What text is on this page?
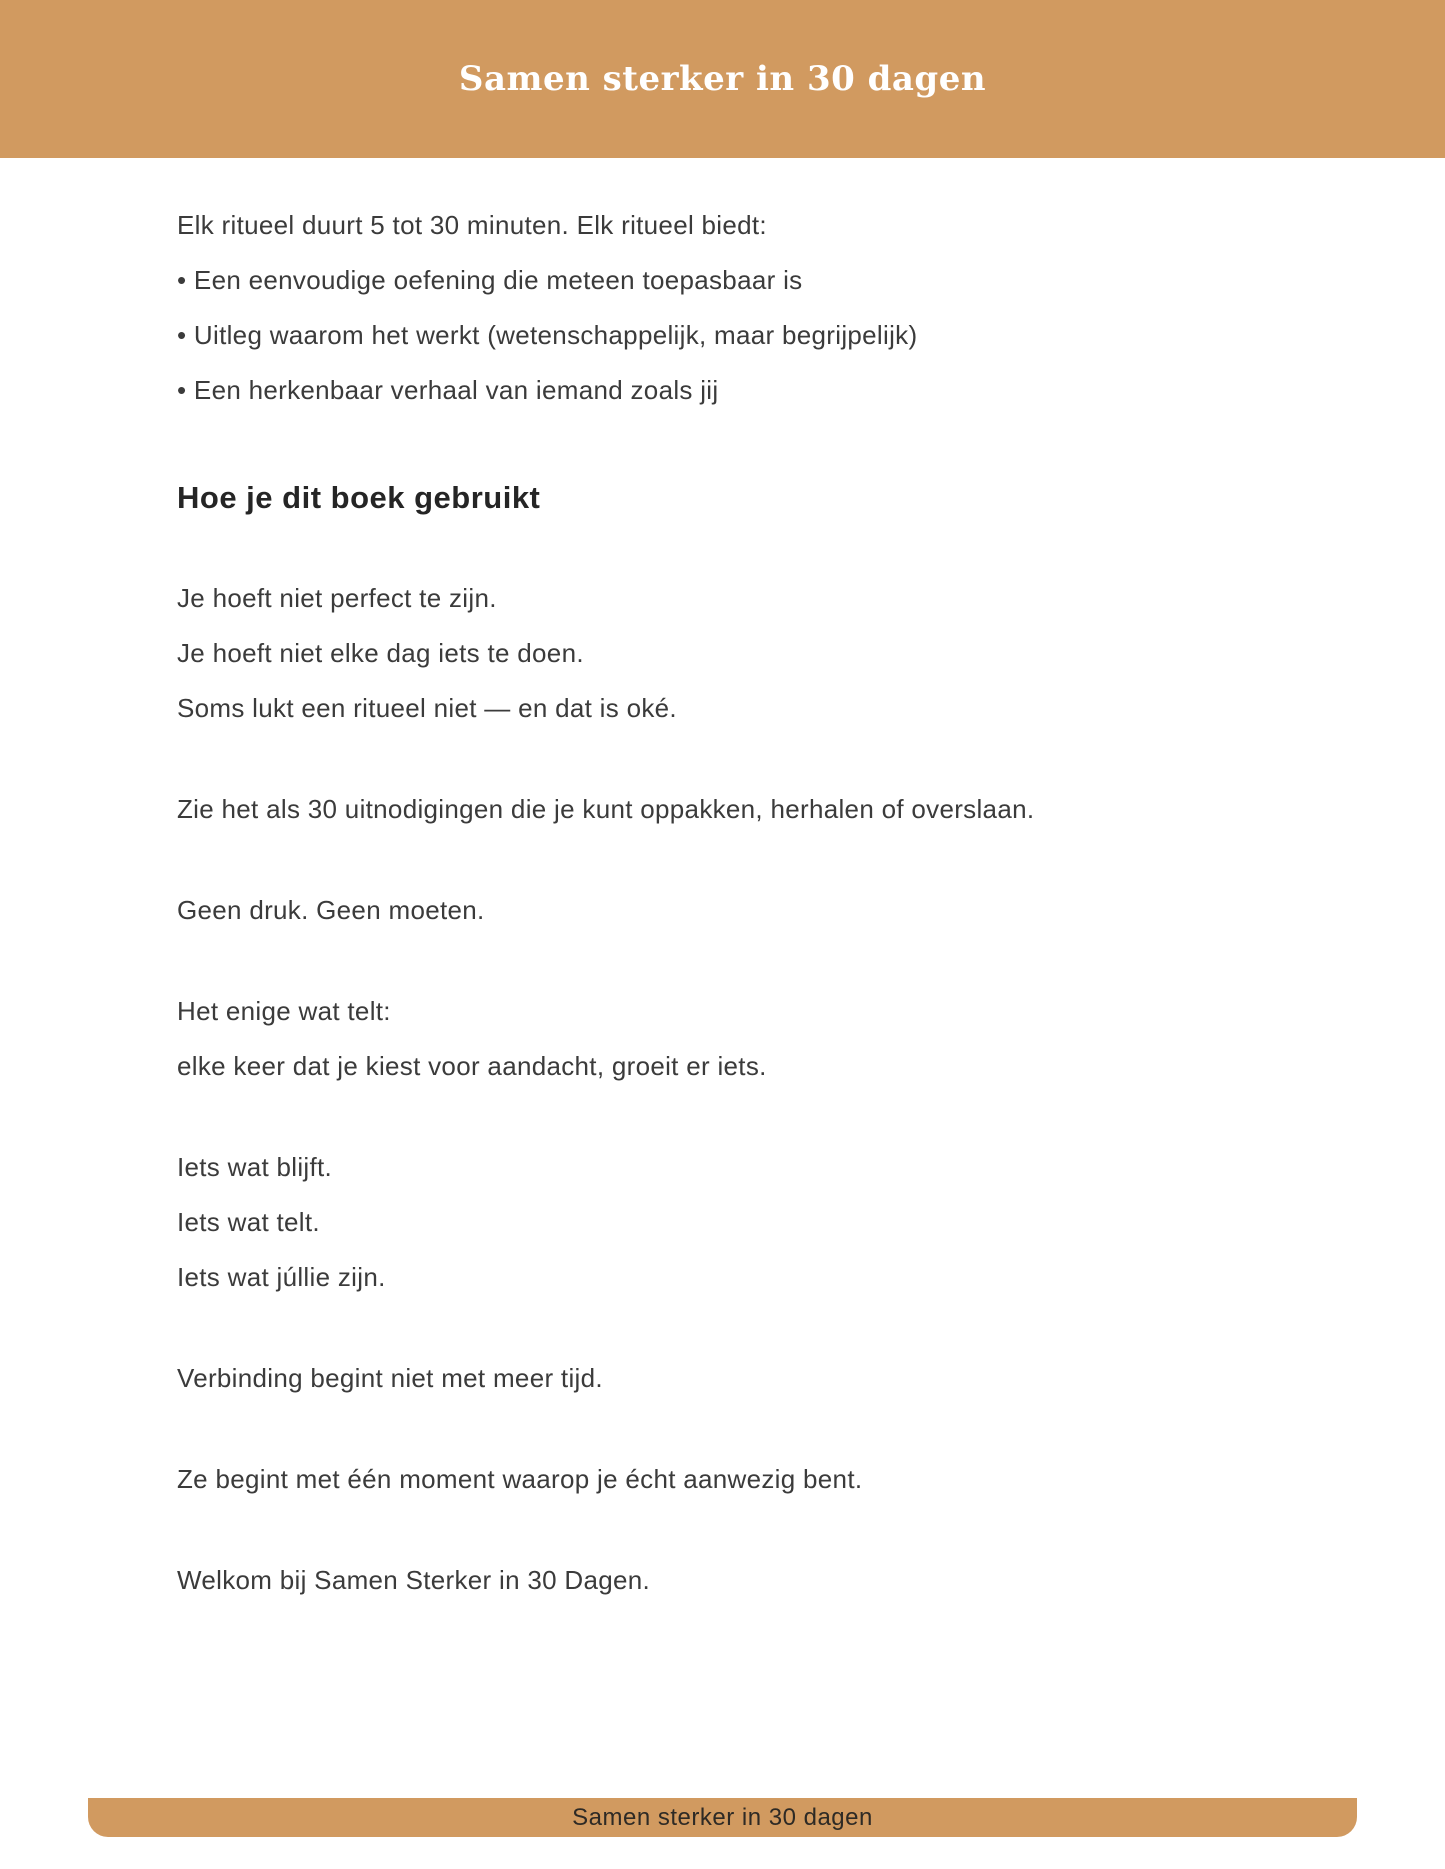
Samen sterker in 30 dagen

Elk ritueel duurt 5 tot 30 minuten. Elk ritueel biedt:

• Een eenvoudige oefening die meteen toepasbaar is

• Uitleg waarom het werkt (wetenschappelijk, maar begrijpelijk)

• Een herkenbaar verhaal van iemand zoals jij

Hoe je dit boek gebruikt

Je hoeft niet perfect te zijn.

Je hoeft niet elke dag iets te doen.

Soms lukt een ritueel niet — en dat is oké.

Zie het als 30 uitnodigingen die je kunt oppakken, herhalen of overslaan.

Geen druk. Geen moeten.

Het enige wat telt:

elke keer dat je kiest voor aandacht, groeit er iets.

Iets wat blijft.

Iets wat telt.

Iets wat júllie zijn.

Verbinding begint niet met meer tijd.

Ze begint met één moment waarop je écht aanwezig bent.

Welkom bij Samen Sterker in 30 Dagen.

Samen sterker in 30 dagen
